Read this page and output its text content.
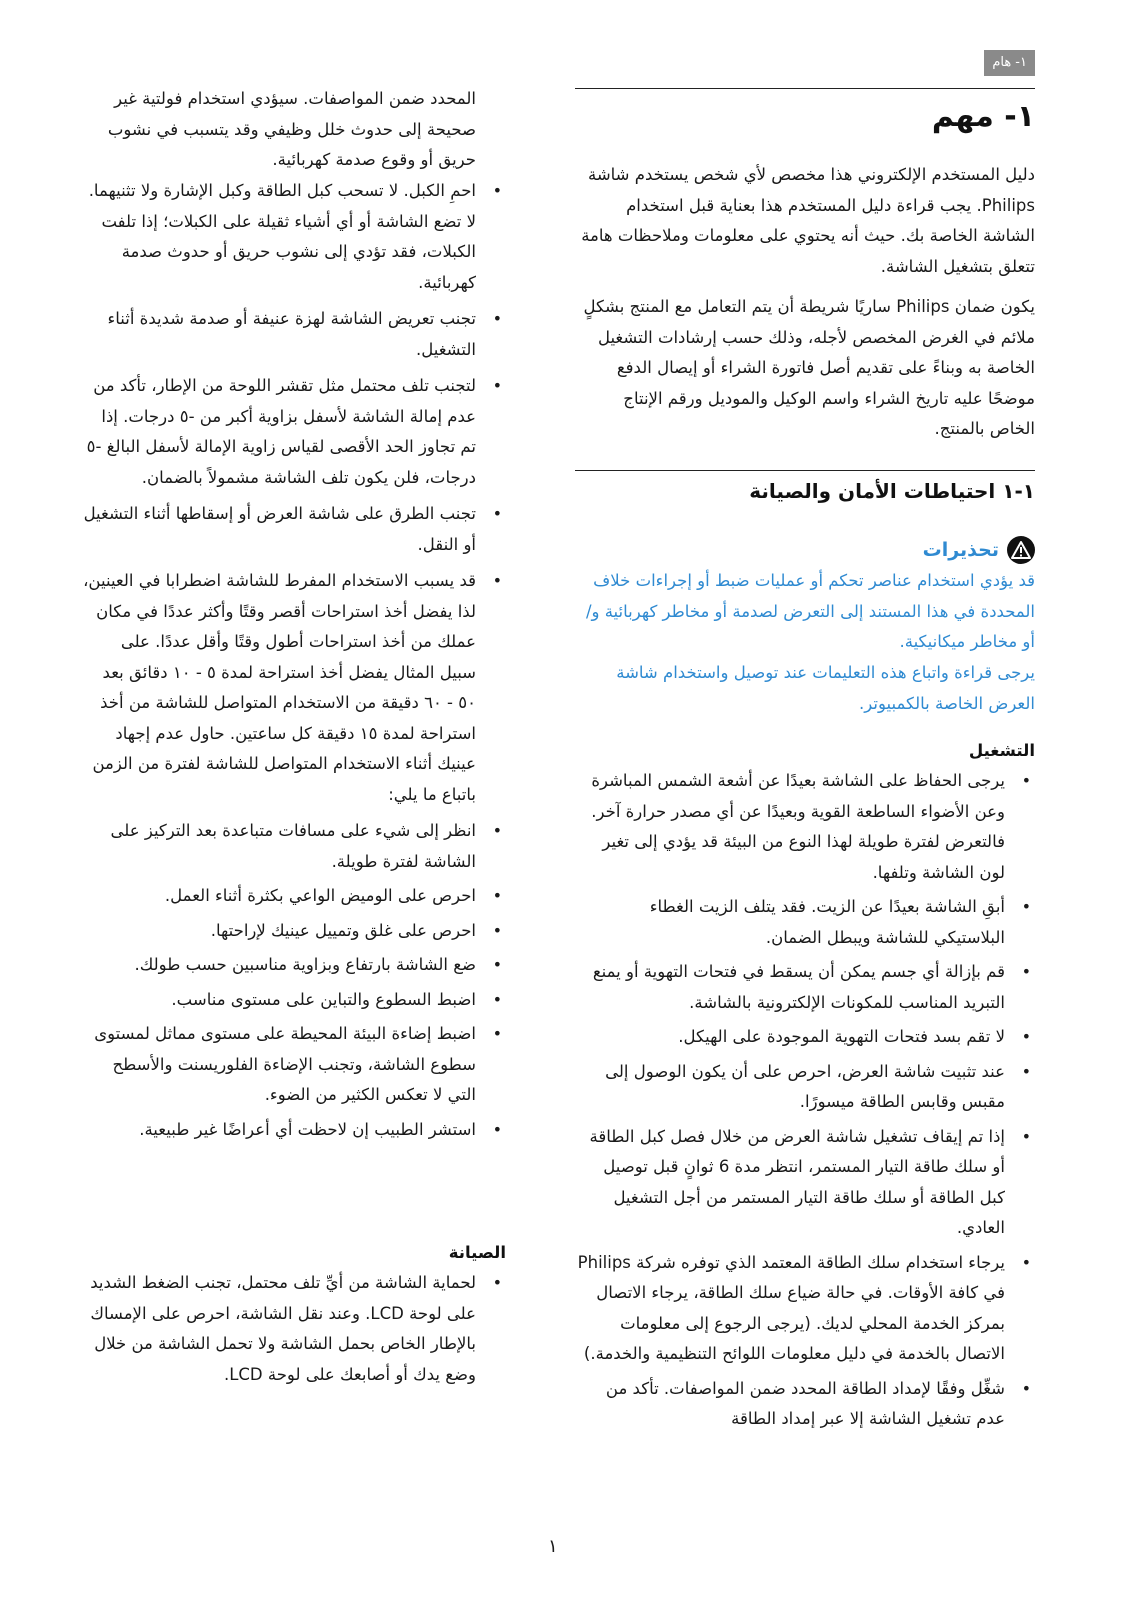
١- هام
١- مهم
دليل المستخدم الإلكتروني هذا مخصص لأي شخص يستخدم شاشة Philips. يجب قراءة دليل المستخدم هذا بعناية قبل استخدام الشاشة الخاصة بك. حيث أنه يحتوي على معلومات وملاحظات هامة تتعلق بتشغيل الشاشة.
يكون ضمان Philips ساريًا شريطة أن يتم التعامل مع المنتج بشكلٍ ملائم في الغرض المخصص لأجله، وذلك حسب إرشادات التشغيل الخاصة به وبناءً على تقديم أصل فاتورة الشراء أو إيصال الدفع موضحًا عليه تاريخ الشراء واسم الوكيل والموديل ورقم الإنتاج الخاص بالمنتج.
١-١ احتياطات الأمان والصيانة
تحذيرات
قد يؤدي استخدام عناصر تحكم أو عمليات ضبط أو إجراءات خلاف المحددة في هذا المستند إلى التعرض لصدمة أو مخاطر كهربائية و/أو مخاطر ميكانيكية.
يرجى قراءة واتباع هذه التعليمات عند توصيل واستخدام شاشة العرض الخاصة بالكمبيوتر.
التشغيل
• يرجى الحفاظ على الشاشة بعيدًا عن أشعة الشمس المباشرة وعن الأضواء الساطعة القوية وبعيدًا عن أي مصدر حرارة آخر. فالتعرض لفترة طويلة لهذا النوع من البيئة قد يؤدي إلى تغير لون الشاشة وتلفها.
• أبقِ الشاشة بعيدًا عن الزيت. فقد يتلف الزيت الغطاء البلاستيكي للشاشة ويبطل الضمان.
• قم بإزالة أي جسم يمكن أن يسقط في فتحات التهوية أو يمنع التبريد المناسب للمكونات الإلكترونية بالشاشة.
• لا تقم بسد فتحات التهوية الموجودة على الهيكل.
• عند تثبيت شاشة العرض، احرص على أن يكون الوصول إلى مقبس وقابس الطاقة ميسورًا.
• إذا تم إيقاف تشغيل شاشة العرض من خلال فصل كبل الطاقة أو سلك طاقة التيار المستمر، انتظر مدة 6 ثوانٍ قبل توصيل كبل الطاقة أو سلك طاقة التيار المستمر من أجل التشغيل العادي.
• يرجاء استخدام سلك الطاقة المعتمد الذي توفره شركة Philips في كافة الأوقات. في حالة ضياع سلك الطاقة، يرجاء الاتصال بمركز الخدمة المحلي لديك. (يرجى الرجوع إلى معلومات الاتصال بالخدمة في دليل معلومات اللوائح التنظيمية والخدمة.)
• شغِّل وفقًا لإمداد الطاقة المحدد ضمن المواصفات. تأكد من عدم تشغيل الشاشة إلا عبر إمداد الطاقة
المحدد ضمن المواصفات. سيؤدي استخدام فولتية غير صحيحة إلى حدوث خلل وظيفي وقد يتسبب في نشوب حريق أو وقوع صدمة كهربائية.
• احمِ الكبل. لا تسحب كبل الطاقة وكبل الإشارة ولا تثنيهما. لا تضع الشاشة أو أي أشياء ثقيلة على الكبلات؛ إذا تلفت الكبلات، فقد تؤدي إلى نشوب حريق أو حدوث صدمة كهربائية.
• تجنب تعريض الشاشة لهزة عنيفة أو صدمة شديدة أثناء التشغيل.
• لتجنب تلف محتمل مثل تقشر اللوحة من الإطار، تأكد من عدم إمالة الشاشة لأسفل بزاوية أكبر من -٥ درجات. إذا تم تجاوز الحد الأقصى لقياس زاوية الإمالة لأسفل البالغ -٥ درجات، فلن يكون تلف الشاشة مشمولاً بالضمان.
• تجنب الطرق على شاشة العرض أو إسقاطها أثناء التشغيل أو النقل.
• قد يسبب الاستخدام المفرط للشاشة اضطرابا في العينين، لذا يفضل أخذ استراحات أقصر وقتًا وأكثر عددًا في مكان عملك من أخذ استراحات أطول وقتًا وأقل عددًا. على سبيل المثال يفضل أخذ استراحة لمدة ٥ - ١٠ دقائق بعد ٥٠ - ٦٠ دقيقة من الاستخدام المتواصل للشاشة من أخذ استراحة لمدة ١٥ دقيقة كل ساعتين. حاول عدم إجهاد عينيك أثناء الاستخدام المتواصل للشاشة لفترة من الزمن باتباع ما يلي:
• انظر إلى شيء على مسافات متباعدة بعد التركيز على الشاشة لفترة طويلة.
• احرص على الوميض الواعي بكثرة أثناء العمل.
• احرص على غلق وتمييل عينيك لإراحتها.
• ضع الشاشة بارتفاع وبزاوية مناسبين حسب طولك.
• اضبط السطوع والتباين على مستوى مناسب.
• اضبط إضاءة البيئة المحيطة على مستوى مماثل لمستوى سطوع الشاشة، وتجنب الإضاءة الفلوريسنت والأسطح التي لا تعكس الكثير من الضوء.
• استشر الطبيب إن لاحظت أي أعراضًا غير طبيعية.
الصيانة
• لحماية الشاشة من أيِّ تلف محتمل، تجنب الضغط الشديد على لوحة LCD. وعند نقل الشاشة، احرص على الإمساك بالإطار الخاص بحمل الشاشة ولا تحمل الشاشة من خلال وضع يدك أو أصابعك على لوحة LCD.
١
